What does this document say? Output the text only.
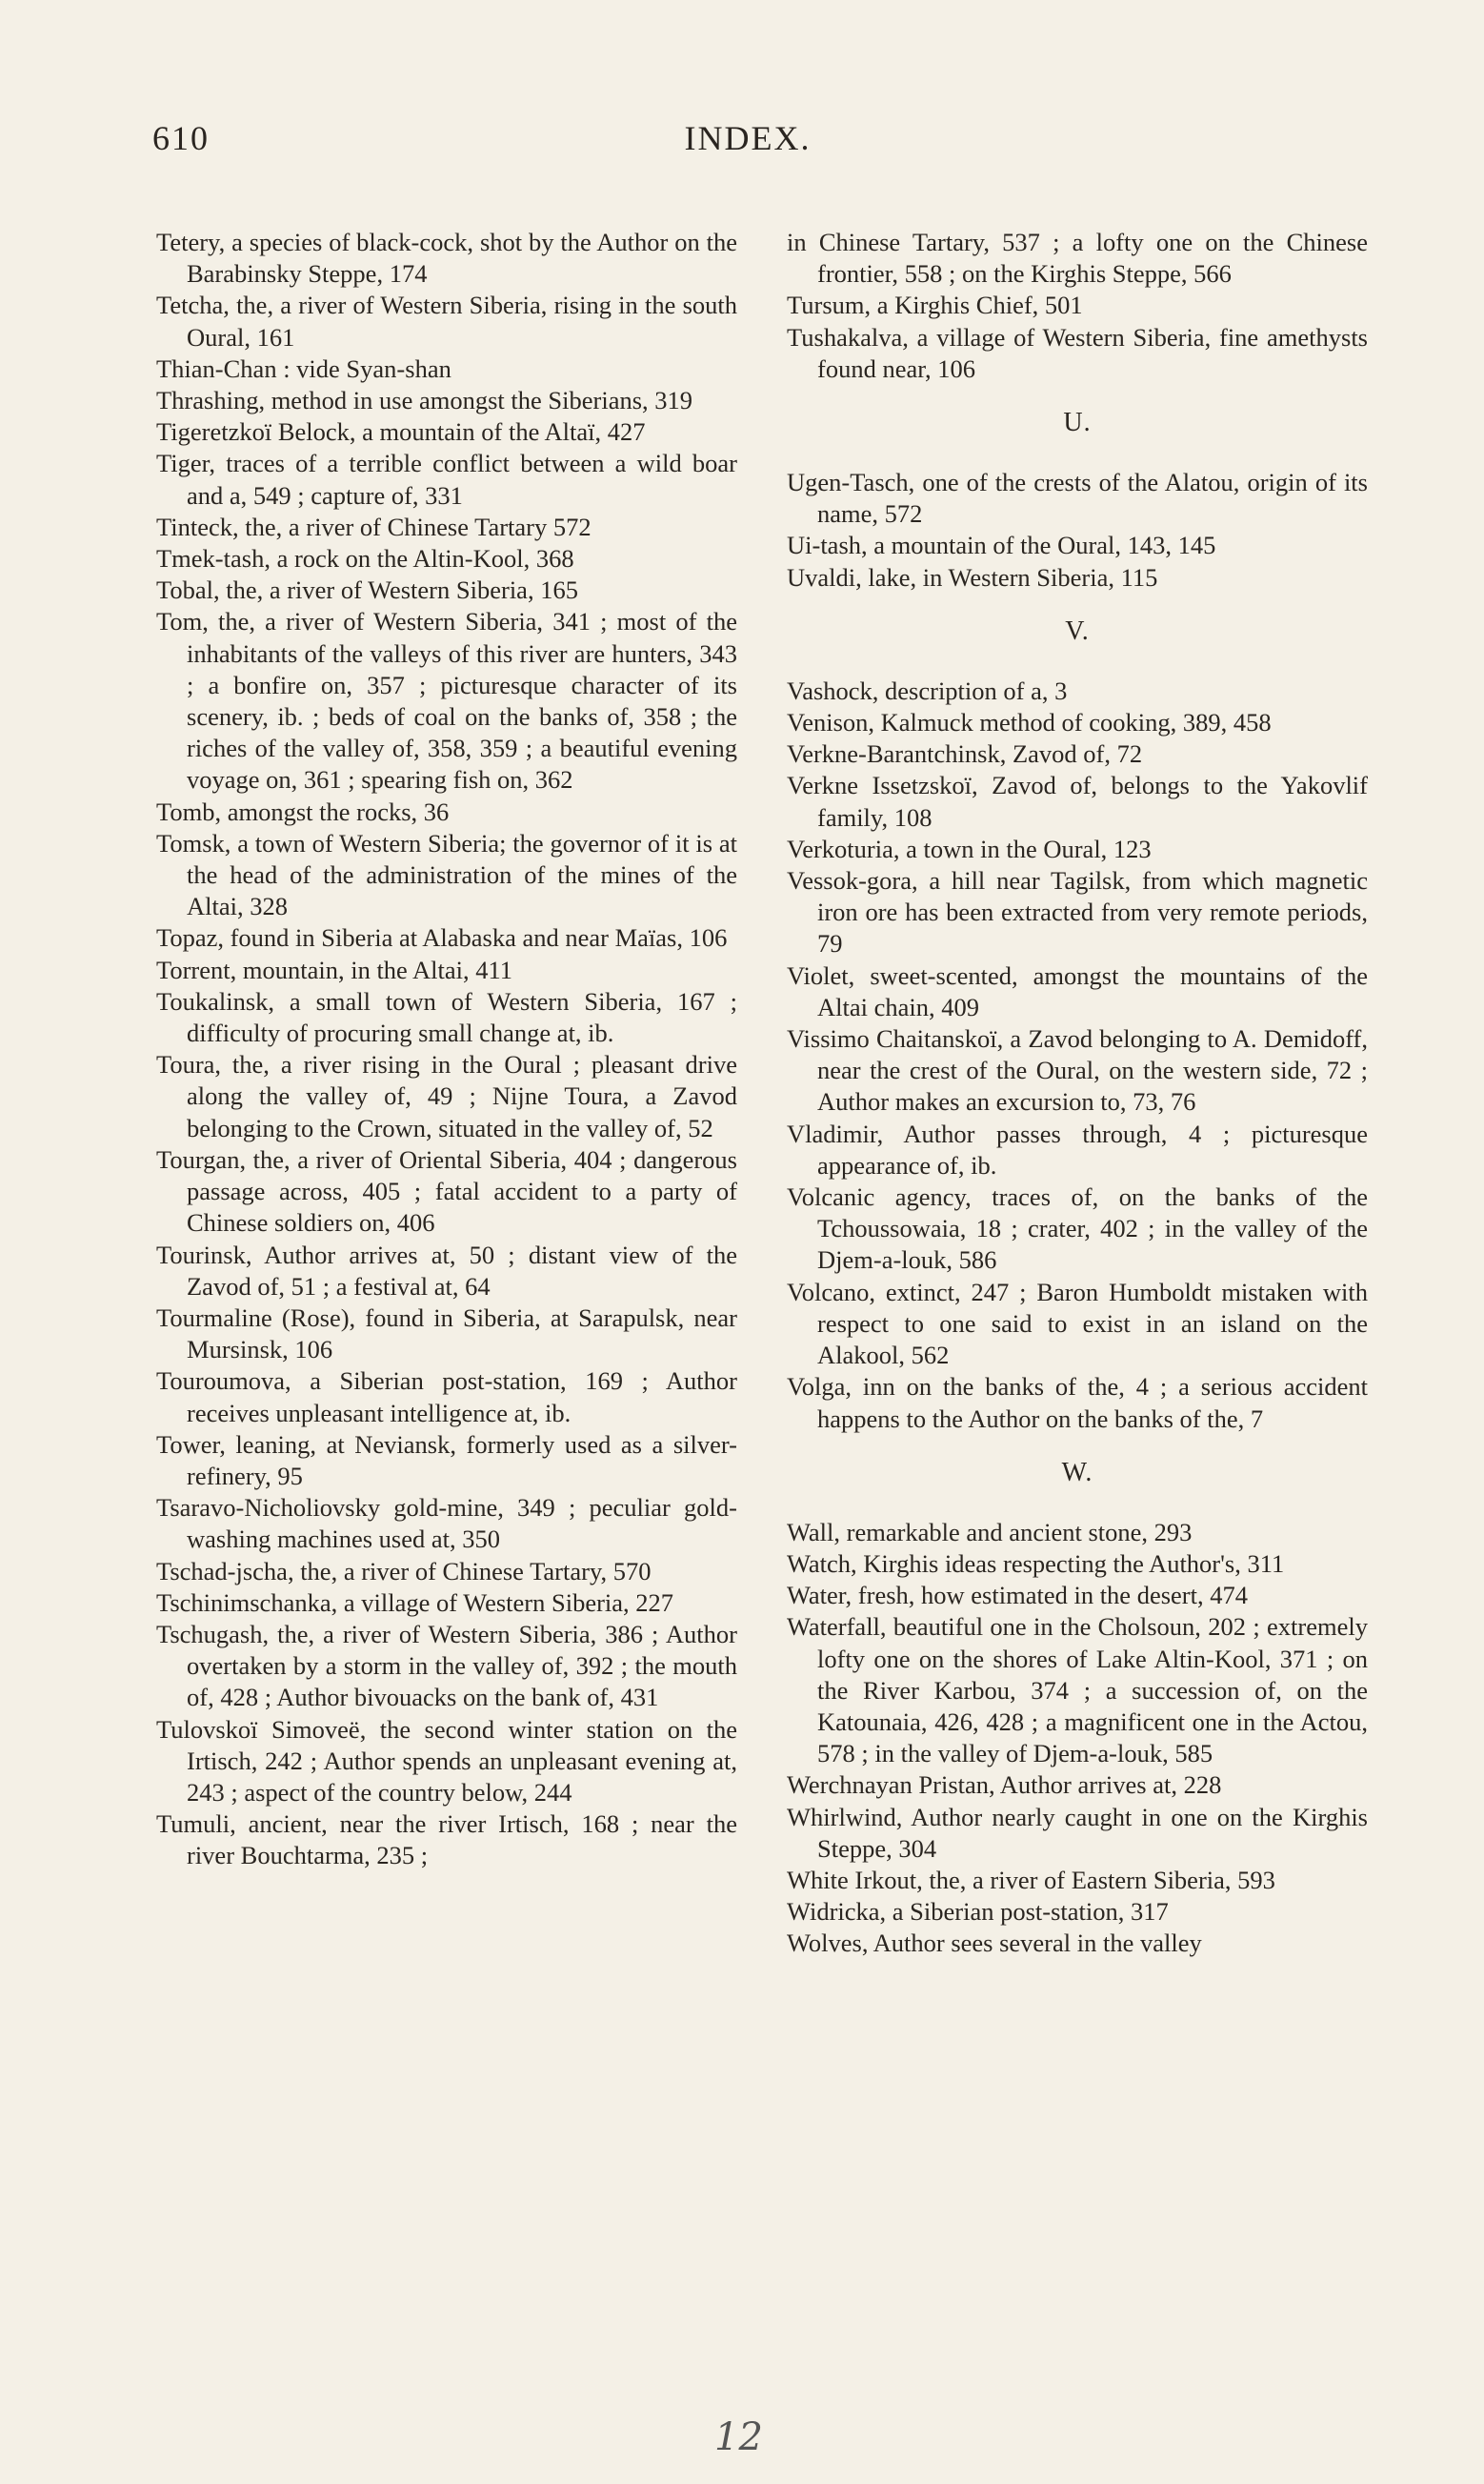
610	INDEX.

Tetery, a species of black-cock, shot by the Author on the Barabinsky Steppe, 174

Tetcha, the, a river of Western Siberia, rising in the south Oural, 161

Thian-Chan : vide Syan-shan

Thrashing, method in use amongst the Siberians, 319

Tigeretzkoï Belock, a mountain of the Altaï, 427

Tiger, traces of a terrible conflict between a wild boar and a, 549 ; capture of, 331

Tinteck, the, a river of Chinese Tartary 572

Tmek-tash, a rock on the Altin-Kool, 368

Tobal, the, a river of Western Siberia, 165

Tom, the, a river of Western Siberia, 341 ; most of the inhabitants of the valleys of this river are hunters, 343 ; a bonfire on, 357 ; picturesque character of its scenery, ib. ; beds of coal on the banks of, 358 ; the riches of the valley of, 358, 359 ; a beautiful evening voyage on, 361 ; spearing fish on, 362

Tomb, amongst the rocks, 36

Tomsk, a town of Western Siberia; the governor of it is at the head of the administration of the mines of the Altai, 328

Topaz, found in Siberia at Alabaska and near Maïas, 106

Torrent, mountain, in the Altai, 411

Toukalinsk, a small town of Western Siberia, 167 ; difficulty of procuring small change at, ib.

Toura, the, a river rising in the Oural ; pleasant drive along the valley of, 49 ; Nijne Toura, a Zavod belonging to the Crown, situated in the valley of, 52

Tourgan, the, a river of Oriental Siberia, 404 ; dangerous passage across, 405 ; fatal accident to a party of Chinese soldiers on, 406

Tourinsk, Author arrives at, 50 ; distant view of the Zavod of, 51 ; a festival at, 64

Tourmaline (Rose), found in Siberia, at Sarapulsk, near Mursinsk, 106

Touroumova, a Siberian post-station, 169 ; Author receives unpleasant intelligence at, ib.

Tower, leaning, at Neviansk, formerly used as a silver-refinery, 95

Tsaravo-Nicholiovsky gold-mine, 349 ; peculiar gold-washing machines used at, 350

Tschad-jscha, the, a river of Chinese Tartary, 570

Tschinimschanka, a village of Western Siberia, 227

Tschugash, the, a river of Western Siberia, 386 ; Author overtaken by a storm in the valley of, 392 ; the mouth of, 428 ; Author bivouacks on the bank of, 431

Tulovskoï Simoveë, the second winter station on the Irtisch, 242 ; Author spends an unpleasant evening at, 243 ; aspect of the country below, 244

Tumuli, ancient, near the river Irtisch, 168 ; near the river Bouchtarma, 235 ;

in Chinese Tartary, 537 ; a lofty one on the Chinese frontier, 558 ; on the Kirghis Steppe, 566

Tursum, a Kirghis Chief, 501

Tushakalva, a village of Western Siberia, fine amethysts found near, 106

U.

Ugen-Tasch, one of the crests of the Alatou, origin of its name, 572

Ui-tash, a mountain of the Oural, 143, 145

Uvaldi, lake, in Western Siberia, 115

V.

Vashock, description of a, 3

Venison, Kalmuck method of cooking, 389, 458

Verkne-Barantchinsk, Zavod of, 72

Verkne Issetzskoï, Zavod of, belongs to the Yakovlif family, 108

Verkoturia, a town in the Oural, 123

Vessok-gora, a hill near Tagilsk, from which magnetic iron ore has been extracted from very remote periods, 79

Violet, sweet-scented, amongst the mountains of the Altai chain, 409

Vissimo Chaitanskoï, a Zavod belonging to A. Demidoff, near the crest of the Oural, on the western side, 72 ; Author makes an excursion to, 73, 76

Vladimir, Author passes through, 4 ; picturesque appearance of, ib.

Volcanic agency, traces of, on the banks of the Tchoussowaia, 18 ; crater, 402 ; in the valley of the Djem-a-louk, 586

Volcano, extinct, 247 ; Baron Humboldt mistaken with respect to one said to exist in an island on the Alakool, 562

Volga, inn on the banks of the, 4 ; a serious accident happens to the Author on the banks of the, 7

W.

Wall, remarkable and ancient stone, 293

Watch, Kirghis ideas respecting the Author's, 311

Water, fresh, how estimated in the desert, 474

Waterfall, beautiful one in the Cholsoun, 202 ; extremely lofty one on the shores of Lake Altin-Kool, 371 ; on the River Karbou, 374 ; a succession of, on the Katounaia, 426, 428 ; a magnificent one in the Actou, 578 ; in the valley of Djem-a-louk, 585

Werchnayan Pristan, Author arrives at, 228

Whirlwind, Author nearly caught in one on the Kirghis Steppe, 304

White Irkout, the, a river of Eastern Siberia, 593

Widricka, a Siberian post-station, 317

Wolves, Author sees several in the valley

12
